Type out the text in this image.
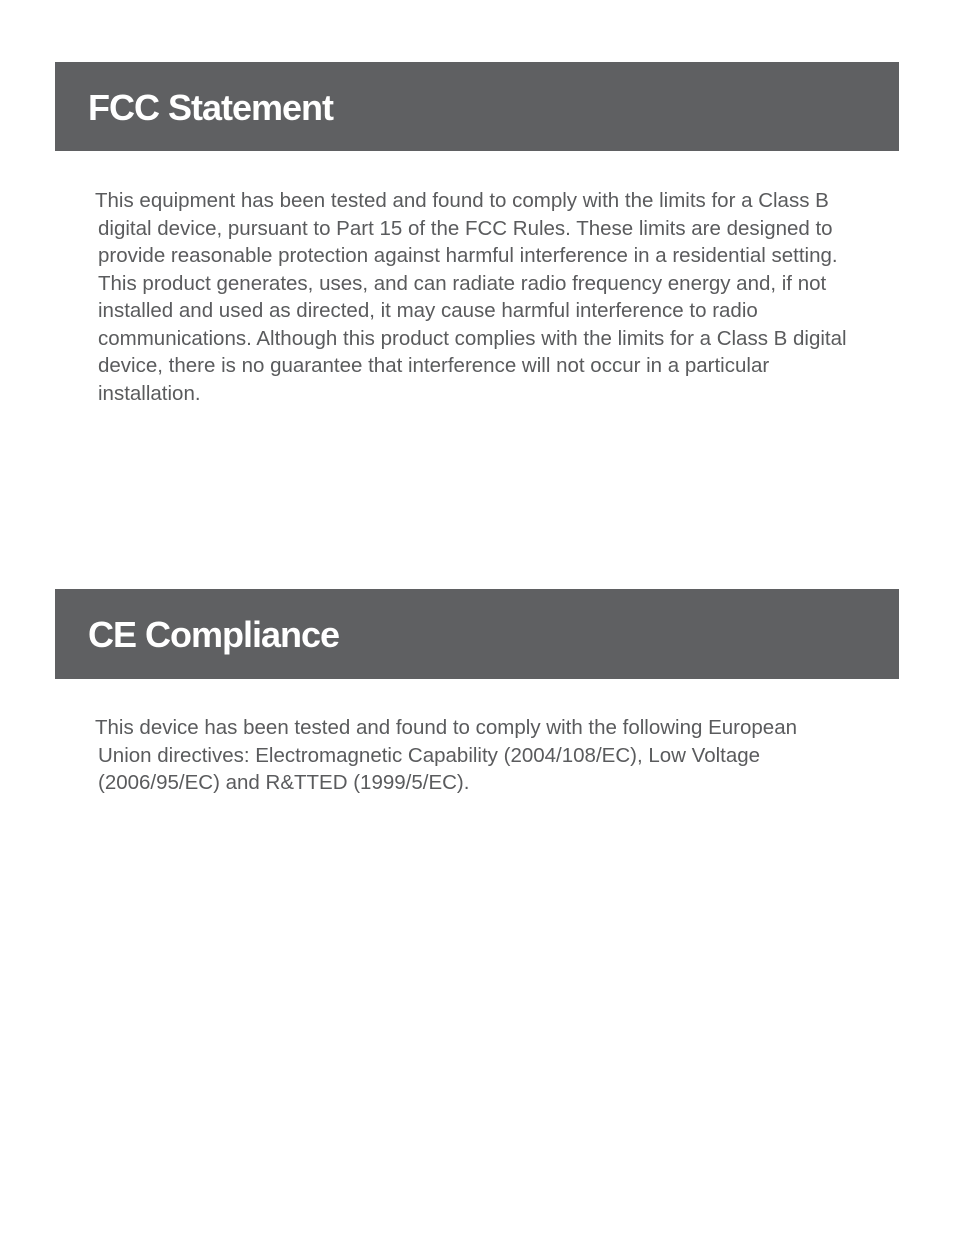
FCC Statement

This equipment has been tested and found to comply with the limits for a Class B digital device, pursuant to Part 15 of the FCC Rules. These limits are designed to provide reasonable protection against harmful interference in a residential setting. This product generates, uses, and can radiate radio frequency energy and, if not installed and used as directed, it may cause harmful interference to radio communications. Although this product complies with the limits for a Class B digital device, there is no guarantee that interference will not occur in a particular installation.

CE Compliance

This device has been tested and found to comply with the following European Union directives: Electromagnetic Capability (2004/108/EC), Low Voltage (2006/95/EC) and R&TTED (1999/5/EC).
